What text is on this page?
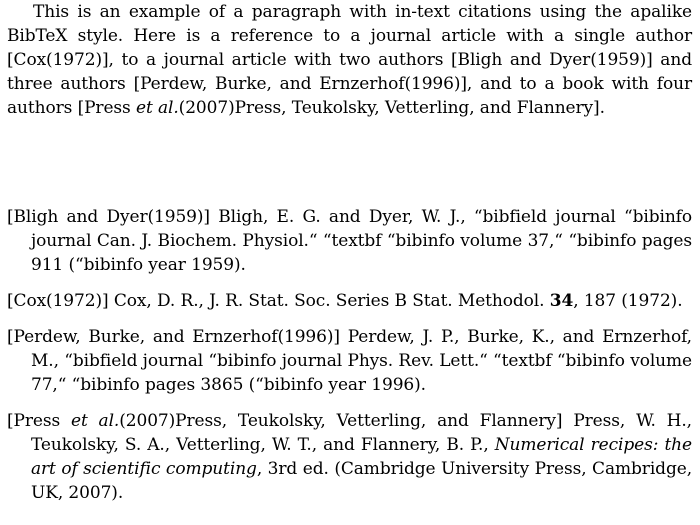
This is an example of a paragraph with in-text citations using the apalike BibTeX style. Here is a reference to a journal article with a single author [Cox(1972)], to a journal article with two authors [Bligh and Dyer(1959)] and three authors [Perdew, Burke, and Ernzerhof(1996)], and to a book with four authors [Press et al.(2007)Press, Teukolsky, Vetterling, and Flannery].

[Bligh and Dyer(1959)] Bligh, E. G. and Dyer, W. J., “bibfield journal “bibinfo journal Can. J. Biochem. Physiol.“ “textbf “bibinfo volume 37,“ “bibinfo pages 911 (“bibinfo year 1959).

[Cox(1972)] Cox, D. R., J. R. Stat. Soc. Series B Stat. Methodol. 34, 187 (1972).

[Perdew, Burke, and Ernzerhof(1996)] Perdew, J. P., Burke, K., and Ernzerhof, M., “bibfield journal “bibinfo journal Phys. Rev. Lett.“ “textbf “bibinfo volume 77,“ “bibinfo pages 3865 (“bibinfo year 1996).

[Press et al.(2007)Press, Teukolsky, Vetterling, and Flannery] Press, W. H., Teukolsky, S. A., Vetterling, W. T., and Flannery, B. P., Numerical recipes: the art of scientific computing, 3rd ed. (Cambridge University Press, Cambridge, UK, 2007).
